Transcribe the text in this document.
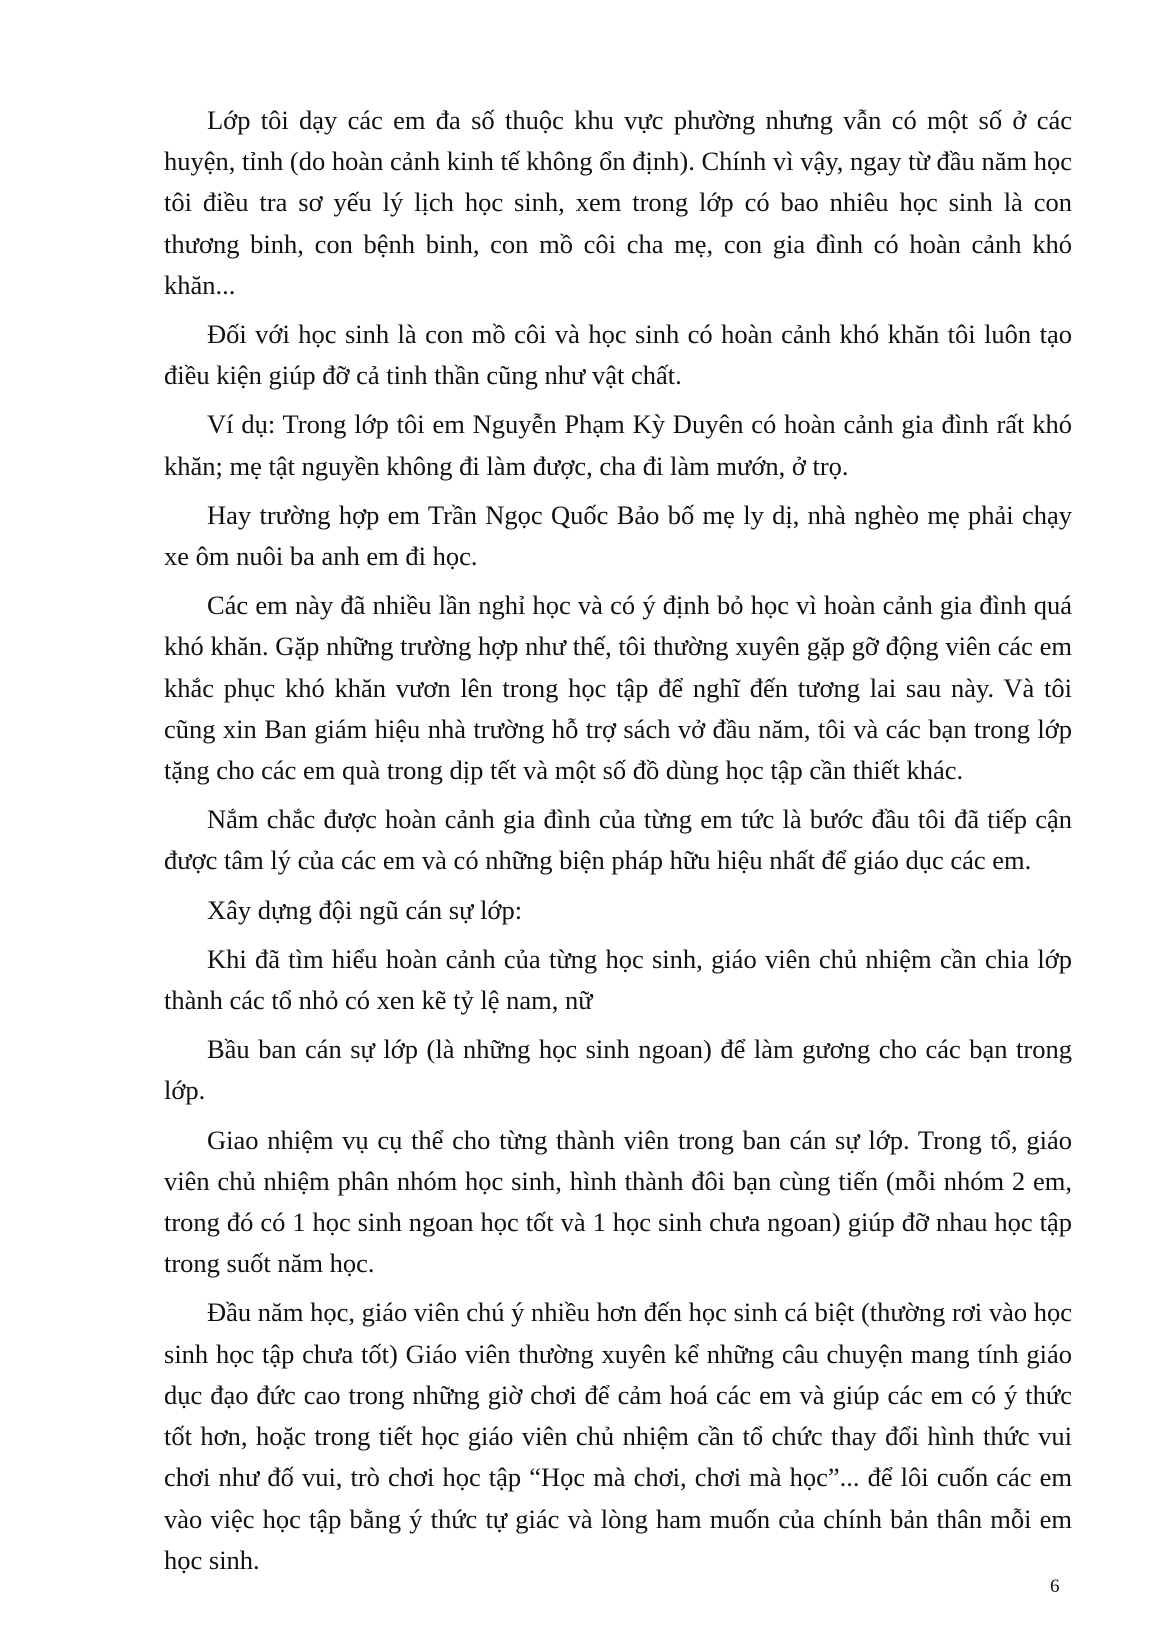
Lớp tôi dạy các em đa số thuộc khu vực phường nhưng vẫn có một số ở các huyện, tỉnh (do hoàn cảnh kinh tế không ổn định). Chính vì vậy, ngay từ đầu năm học tôi điều tra sơ yếu lý lịch học sinh, xem trong lớp có bao nhiêu học sinh là con thương binh, con bệnh binh, con mồ côi cha mẹ, con gia đình có hoàn cảnh khó khăn...

Đối với học sinh là con mồ côi và học sinh có hoàn cảnh khó khăn tôi luôn tạo điều kiện giúp đỡ cả tinh thần cũng như vật chất.

Ví dụ: Trong lớp tôi em Nguyễn Phạm Kỳ Duyên có hoàn cảnh gia đình rất khó khăn; mẹ tật nguyền không đi làm được, cha đi làm mướn, ở trọ.

Hay trường hợp em Trần Ngọc Quốc Bảo bố mẹ ly dị, nhà nghèo mẹ phải chạy xe ôm nuôi ba anh em đi học.

Các em này đã nhiều lần nghỉ học và có ý định bỏ học vì hoàn cảnh gia đình quá khó khăn. Gặp những trường hợp như thế, tôi thường xuyên gặp gỡ động viên các em khắc phục khó khăn vươn lên trong học tập để nghĩ đến tương lai sau này. Và tôi cũng xin Ban giám hiệu nhà trường hỗ trợ sách vở đầu năm, tôi và các bạn trong lớp tặng cho các em quà trong dịp tết và một số đồ dùng học tập cần thiết khác.

Nắm chắc được hoàn cảnh gia đình của từng em tức là bước đầu tôi đã tiếp cận được tâm lý của các em và có những biện pháp hữu hiệu nhất để giáo dục các em.

Xây dựng đội ngũ cán sự lớp:

Khi đã tìm hiểu hoàn cảnh của từng học sinh, giáo viên chủ nhiệm cần chia lớp thành các tổ nhỏ có xen kẽ tỷ lệ nam, nữ

Bầu ban cán sự lớp (là những học sinh ngoan) để làm gương cho các bạn trong lớp.

Giao nhiệm vụ cụ thể cho từng thành viên trong ban cán sự lớp. Trong tổ, giáo viên chủ nhiệm phân nhóm học sinh, hình thành đôi bạn cùng tiến (mỗi nhóm 2 em, trong đó có 1 học sinh ngoan học tốt và 1 học sinh chưa ngoan) giúp đỡ nhau học tập trong suốt năm học.

Đầu năm học, giáo viên chú ý nhiều hơn đến học sinh cá biệt (thường rơi vào học sinh học tập chưa tốt) Giáo viên thường xuyên kể những câu chuyện mang tính giáo dục đạo đức cao trong những giờ chơi để cảm hoá các em và giúp các em có ý thức tốt hơn, hoặc trong tiết học giáo viên chủ nhiệm cần tổ chức thay đổi hình thức vui chơi như đố vui, trò chơi học tập “Học mà chơi, chơi mà học”... để lôi cuốn các em vào việc học tập bằng ý thức tự giác và lòng ham muốn của chính bản thân mỗi em học sinh.

6
